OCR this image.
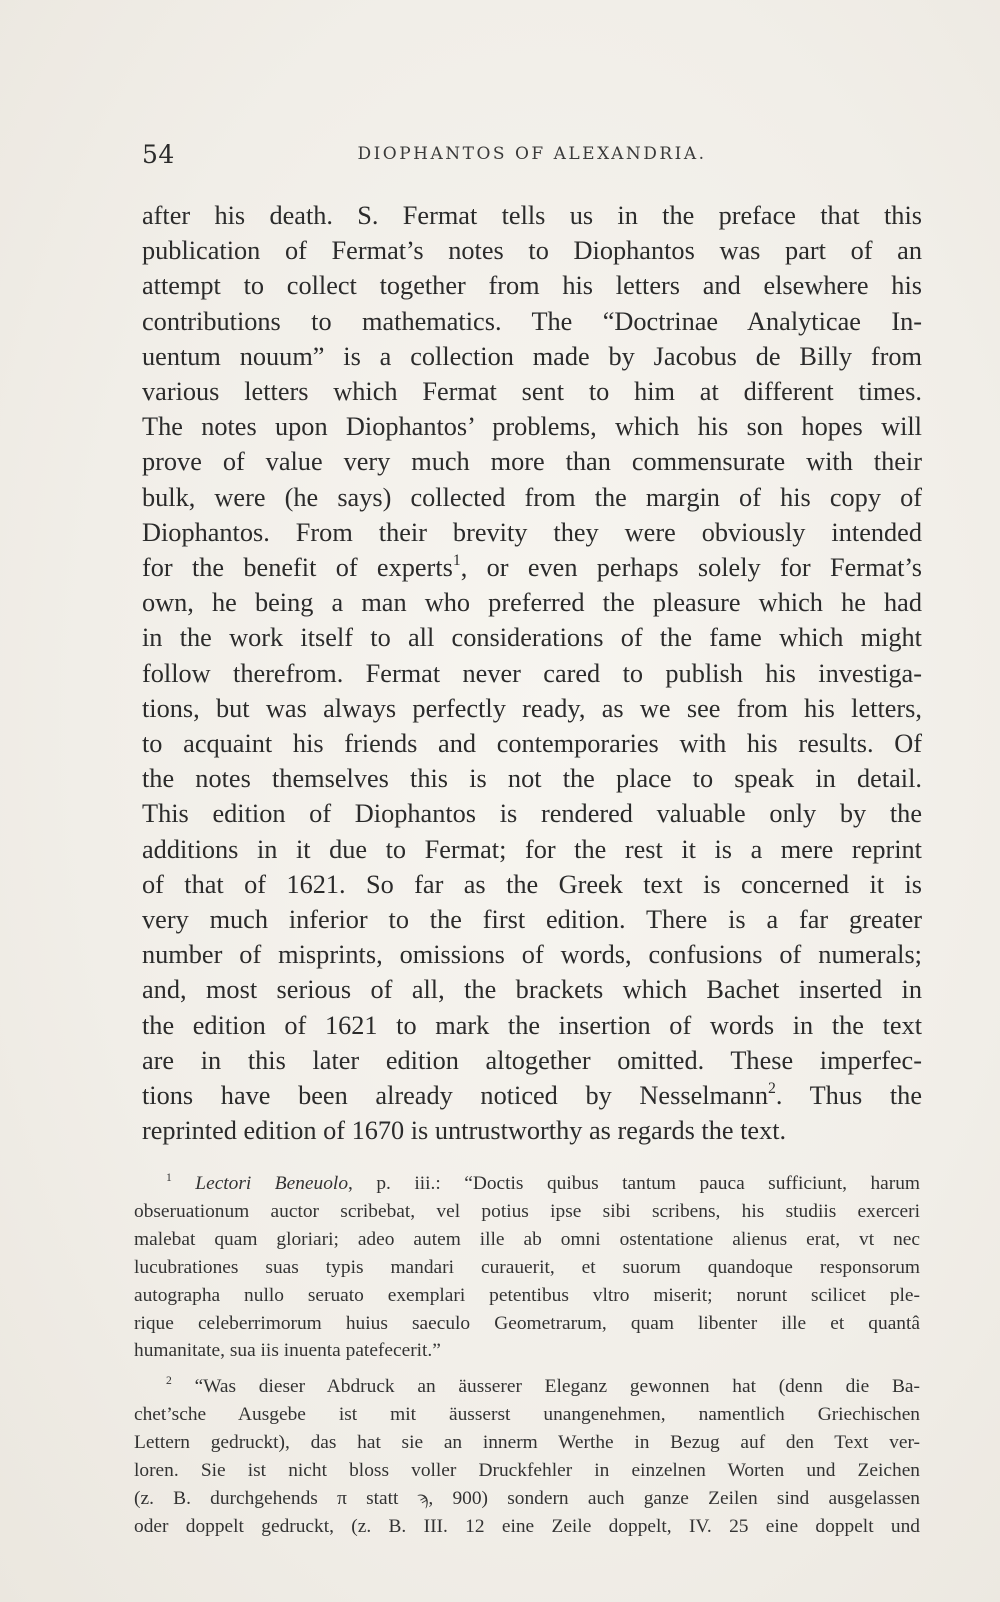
54	DIOPHANTOS OF ALEXANDRIA.
after his death. S. Fermat tells us in the preface that this
publication of Fermat’s notes to Diophantos was part of an
attempt to collect together from his letters and elsewhere his
contributions to mathematics. The “Doctrinae Analyticae In-
uentum nouum” is a collection made by Jacobus de Billy from
various letters which Fermat sent to him at different times.
The notes upon Diophantos’ problems, which his son hopes will
prove of value very much more than commensurate with their
bulk, were (he says) collected from the margin of his copy of
Diophantos. From their brevity they were obviously intended
for the benefit of experts$^1$, or even perhaps solely for Fermat’s
own, he being a man who preferred the pleasure which he had
in the work itself to all considerations of the fame which might
follow therefrom. Fermat never cared to publish his investiga-
tions, but was always perfectly ready, as we see from his letters,
to acquaint his friends and contemporaries with his results. Of
the notes themselves this is not the place to speak in detail.
This edition of Diophantos is rendered valuable only by the
additions in it due to Fermat; for the rest it is a mere reprint
of that of 1621. So far as the Greek text is concerned it is
very much inferior to the first edition. There is a far greater
number of misprints, omissions of words, confusions of numerals;
and, most serious of all, the brackets which Bachet inserted in
the edition of 1621 to mark the insertion of words in the text
are in this later edition altogether omitted. These imperfec-
tions have been already noticed by Nesselmann$^2$. Thus the
reprinted edition of 1670 is untrustworthy as regards the text.
$^1$ Lectori Beneuolo, p. iii.: “Doctis quibus tantum pauca sufficiunt, harum
obseruationum auctor scribebat, vel potius ipse sibi scribens, his studiis exerceri
malebat quam gloriari; adeo autem ille ab omni ostentatione alienus erat, vt nec
lucubrationes suas typis mandari curauerit, et suorum quandoque responsorum
autographa nullo seruato exemplari petentibus vltro miserit; norunt scilicet ple-
rique celeberrimorum huius saeculo Geometrarum, quam libenter ille et quantâ
humanitate, sua iis inuenta patefecerit.”
$^2$ “Was dieser Abdruck an äusserer Eleganz gewonnen hat (denn die Ba-
chet’sche Ausgebe ist mit äusserst unangenehmen, namentlich Griechischen
Lettern gedruckt), das hat sie an innerm Werthe in Bezug auf den Text ver-
loren. Sie ist nicht bloss voller Druckfehler in einzelnen Worten und Zeichen
(z. B. durchgehends π statt ϡ, 900) sondern auch ganze Zeilen sind ausgelassen
oder doppelt gedruckt, (z. B. III. 12 eine Zeile doppelt, IV. 25 eine doppelt und
